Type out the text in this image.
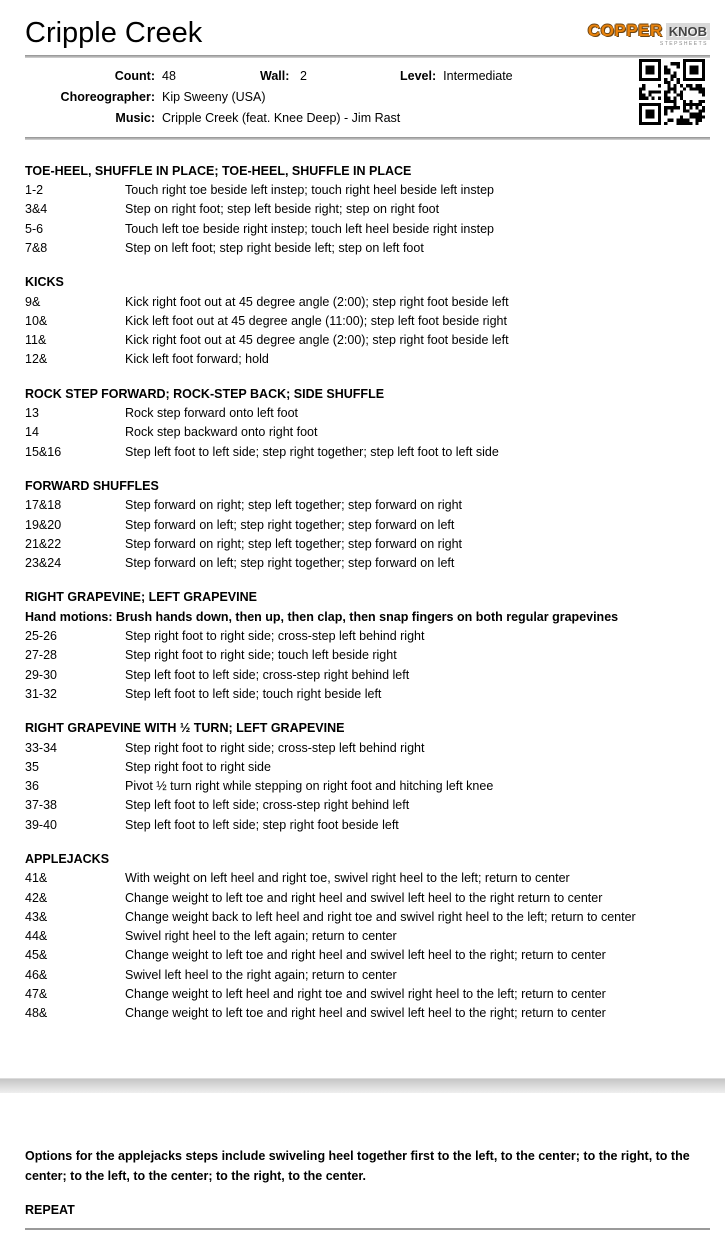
Cripple Creek	COPPER KNOB
STEPSHEETS
Count: 48	Wall: 2	Level: Intermediate
Choreographer: Kip Sweeny (USA)
Music: Cripple Creek (feat. Knee Deep) - Jim Rast
TOE-HEEL, SHUFFLE IN PLACE; TOE-HEEL, SHUFFLE IN PLACE
1-2	Touch right toe beside left instep; touch right heel beside left instep
3&4	Step on right foot; step left beside right; step on right foot
5-6	Touch left toe beside right instep; touch left heel beside right instep
7&8	Step on left foot; step right beside left; step on left foot
KICKS
9&	Kick right foot out at 45 degree angle (2:00); step right foot beside left
10&	Kick left foot out at 45 degree angle (11:00); step left foot beside right
11&	Kick right foot out at 45 degree angle (2:00); step right foot beside left
12&	Kick left foot forward; hold
ROCK STEP FORWARD; ROCK-STEP BACK; SIDE SHUFFLE
13	Rock step forward onto left foot
14	Rock step backward onto right foot
15&16	Step left foot to left side; step right together; step left foot to left side
FORWARD SHUFFLES
17&18	Step forward on right; step left together; step forward on right
19&20	Step forward on left; step right together; step forward on left
21&22	Step forward on right; step left together; step forward on right
23&24	Step forward on left; step right together; step forward on left
RIGHT GRAPEVINE; LEFT GRAPEVINE

Hand motions: Brush hands down, then up, then clap, then snap fingers on both regular grapevines

25-26	Step right foot to right side; cross-step left behind right
27-28	Step right foot to right side; touch left beside right
29-30	Step left foot to left side; cross-step right behind left
31-32	Step left foot to left side; touch right beside left
RIGHT GRAPEVINE WITH ½ TURN; LEFT GRAPEVINE
33-34	Step right foot to right side; cross-step left behind right
35	Step right foot to right side
36	Pivot ½ turn right while stepping on right foot and hitching left knee
37-38	Step left foot to left side; cross-step right behind left
39-40	Step left foot to left side; step right foot beside left
APPLEJACKS
41&	With weight on left heel and right toe, swivel right heel to the left; return to center
42&	Change weight to left toe and right heel and swivel left heel to the right return to center
43&	Change weight back to left heel and right toe and swivel right heel to the left; return to center
44&	Swivel right heel to the left again; return to center
45&	Change weight to left toe and right heel and swivel left heel to the right; return to center
46&	Swivel left heel to the right again; return to center
47&	Change weight to left heel and right toe and swivel right heel to the left; return to center
48&	Change weight to left toe and right heel and swivel left heel to the right; return to center

Options for the applejacks steps include swiveling heel together first to the left, to the center; to the right, to the center; to the left, to the center; to the right, to the center.

REPEAT
